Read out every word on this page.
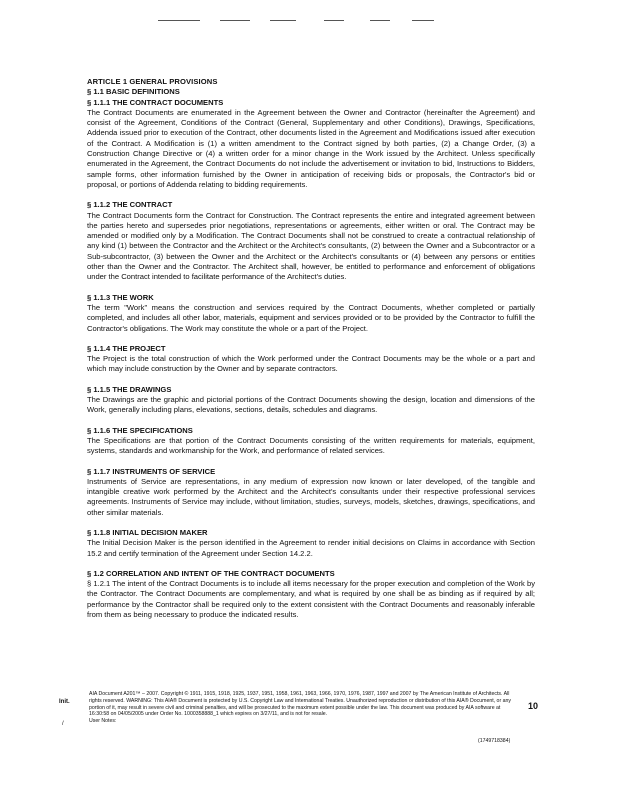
ARTICLE 1 GENERAL PROVISIONS
§ 1.1 BASIC DEFINITIONS
§ 1.1.1 THE CONTRACT DOCUMENTS

The Contract Documents are enumerated in the Agreement between the Owner and Contractor (hereinafter the Agreement) and consist of the Agreement, Conditions of the Contract (General, Supplementary and other Conditions), Drawings, Specifications, Addenda issued prior to execution of the Contract, other documents listed in the Agreement and Modifications issued after execution of the Contract. A Modification is (1) a written amendment to the Contract signed by both parties, (2) a Change Order, (3) a Construction Change Directive or (4) a written order for a minor change in the Work issued by the Architect. Unless specifically enumerated in the Agreement, the Contract Documents do not include the advertisement or invitation to bid, Instructions to Bidders, sample forms, other information furnished by the Owner in anticipation of receiving bids or proposals, the Contractor's bid or proposal, or portions of Addenda relating to bidding requirements.

§ 1.1.2 THE CONTRACT

The Contract Documents form the Contract for Construction. The Contract represents the entire and integrated agreement between the parties hereto and supersedes prior negotiations, representations or agreements, either written or oral. The Contract may be amended or modified only by a Modification. The Contract Documents shall not be construed to create a contractual relationship of any kind (1) between the Contractor and the Architect or the Architect's consultants, (2) between the Owner and a Subcontractor or a Sub-subcontractor, (3) between the Owner and the Architect or the Architect's consultants or (4) between any persons or entities other than the Owner and the Contractor. The Architect shall, however, be entitled to performance and enforcement of obligations under the Contract intended to facilitate performance of the Architect's duties.

§ 1.1.3 THE WORK

The term "Work" means the construction and services required by the Contract Documents, whether completed or partially completed, and includes all other labor, materials, equipment and services provided or to be provided by the Contractor to fulfill the Contractor's obligations. The Work may constitute the whole or a part of the Project.

§ 1.1.4 THE PROJECT

The Project is the total construction of which the Work performed under the Contract Documents may be the whole or a part and which may include construction by the Owner and by separate contractors.

§ 1.1.5 THE DRAWINGS

The Drawings are the graphic and pictorial portions of the Contract Documents showing the design, location and dimensions of the Work, generally including plans, elevations, sections, details, schedules and diagrams.

§ 1.1.6 THE SPECIFICATIONS

The Specifications are that portion of the Contract Documents consisting of the written requirements for materials, equipment, systems, standards and workmanship for the Work, and performance of related services.

§ 1.1.7 INSTRUMENTS OF SERVICE

Instruments of Service are representations, in any medium of expression now known or later developed, of the tangible and intangible creative work performed by the Architect and the Architect's consultants under their respective professional services agreements. Instruments of Service may include, without limitation, studies, surveys, models, sketches, drawings, specifications, and other similar materials.

§ 1.1.8 INITIAL DECISION MAKER

The Initial Decision Maker is the person identified in the Agreement to render initial decisions on Claims in accordance with Section 15.2 and certify termination of the Agreement under Section 14.2.2.

§ 1.2 CORRELATION AND INTENT OF THE CONTRACT DOCUMENTS

§ 1.2.1 The intent of the Contract Documents is to include all items necessary for the proper execution and completion of the Work by the Contractor. The Contract Documents are complementary, and what is required by one shall be as binding as if required by all; performance by the Contractor shall be required only to the extent consistent with the Contract Documents and reasonably inferable from them as being necessary to produce the indicated results.

Init.
/
AIA Document A201™ – 2007. Copyright © 1911, 1915, 1918, 1925, 1937, 1951, 1958, 1961, 1963, 1966, 1970, 1976, 1987, 1997 and 2007 by The American Institute of Architects. All rights reserved. WARNING: This AIA® Document is protected by U.S. Copyright Law and International Treaties. Unauthorized reproduction or distribution of this AIA® Document, or any portion of it, may result in severe civil and criminal penalties, and will be prosecuted to the maximum extent possible under the law. This document was produced by AIA software at 16:30:58 on 04/05/2005 under Order No. 1000358888_1 which expires on 3/27/11, and is not for resale.
User Notes:
10
(1749718384)
